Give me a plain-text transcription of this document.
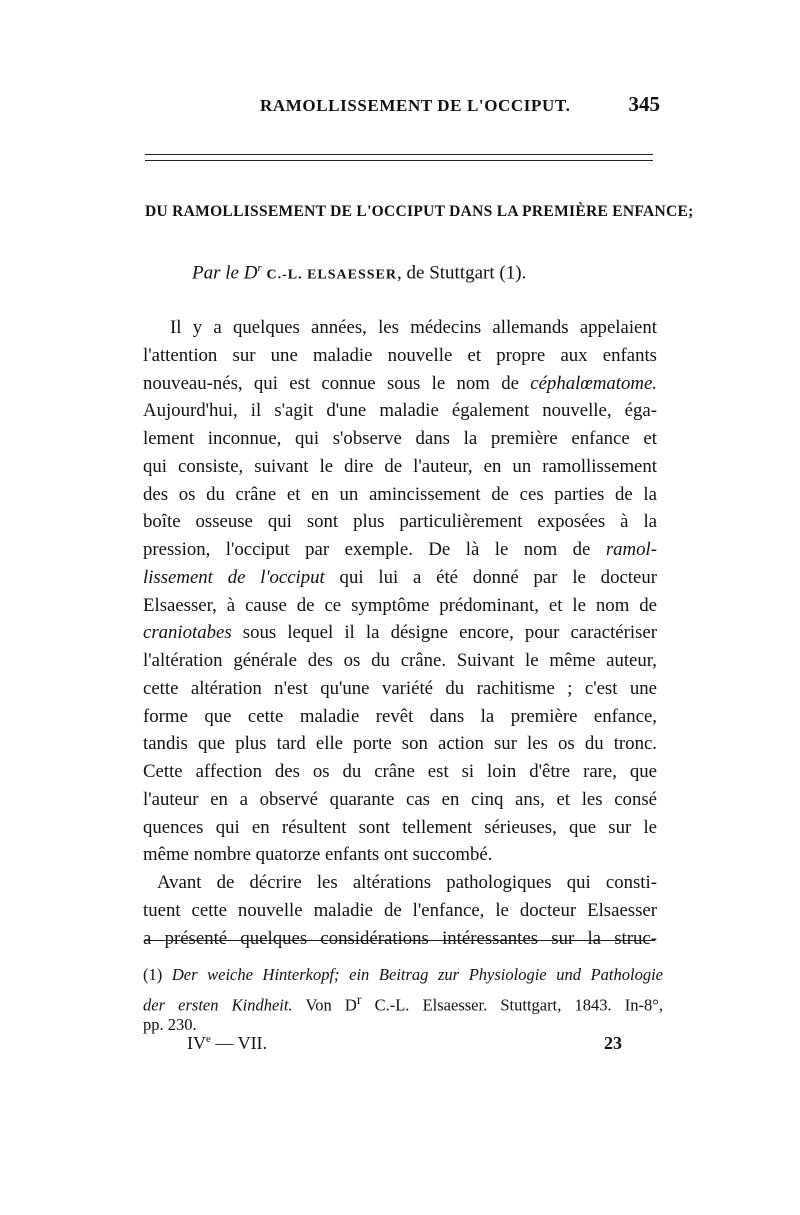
RAMOLLISSEMENT DE L'OCCIPUT.	345
DU RAMOLLISSEMENT DE L'OCCIPUT DANS LA PREMIÈRE ENFANCE;
Par le $D^r$ C.-L. ELSAESSER, de Stuttgart (1).
Il y a quelques années, les médecins allemands appelaient
l'attention sur une maladie nouvelle et propre aux enfants
nouveau-nés, qui est connue sous le nom de céphalœmatome.
Aujourd'hui, il s'agit d'une maladie également nouvelle, éga-
lement inconnue, qui s'observe dans la première enfance et
qui consiste, suivant le dire de l'auteur, en un ramollissement
des os du crâne et en un amincissement de ces parties de la
boîte osseuse qui sont plus particulièrement exposées à la
pression, l'occiput par exemple. De là le nom de ramol-
lissement de l'occiput qui lui a été donné par le docteur
Elsaesser, à cause de ce symptôme prédominant, et le nom de
craniotabes sous lequel il la désigne encore, pour caractériser
l'altération générale des os du crâne. Suivant le même auteur,
cette altération n'est qu'une variété du rachitisme ; c'est une
forme que cette maladie revêt dans la première enfance,
tandis que plus tard elle porte son action sur les os du tronc.
Cette affection des os du crâne est si loin d'être rare, que
l'auteur en a observé quarante cas en cinq ans, et les consé
quences qui en résultent sont tellement sérieuses, que sur le
même nombre quatorze enfants ont succombé.
Avant de décrire les altérations pathologiques qui consti-
tuent cette nouvelle maladie de l'enfance, le docteur Elsaesser
a présenté quelques considérations intéressantes sur la struc-
(1) Der weiche Hinterkopf; ein Beitrag zur Physiologie und Pathologie
der ersten Kindheit. Von $D^r$ C.-L. Elsaesser. Stuttgart, 1843. In-8°,
pp. 230.
IVe — VII.	23
